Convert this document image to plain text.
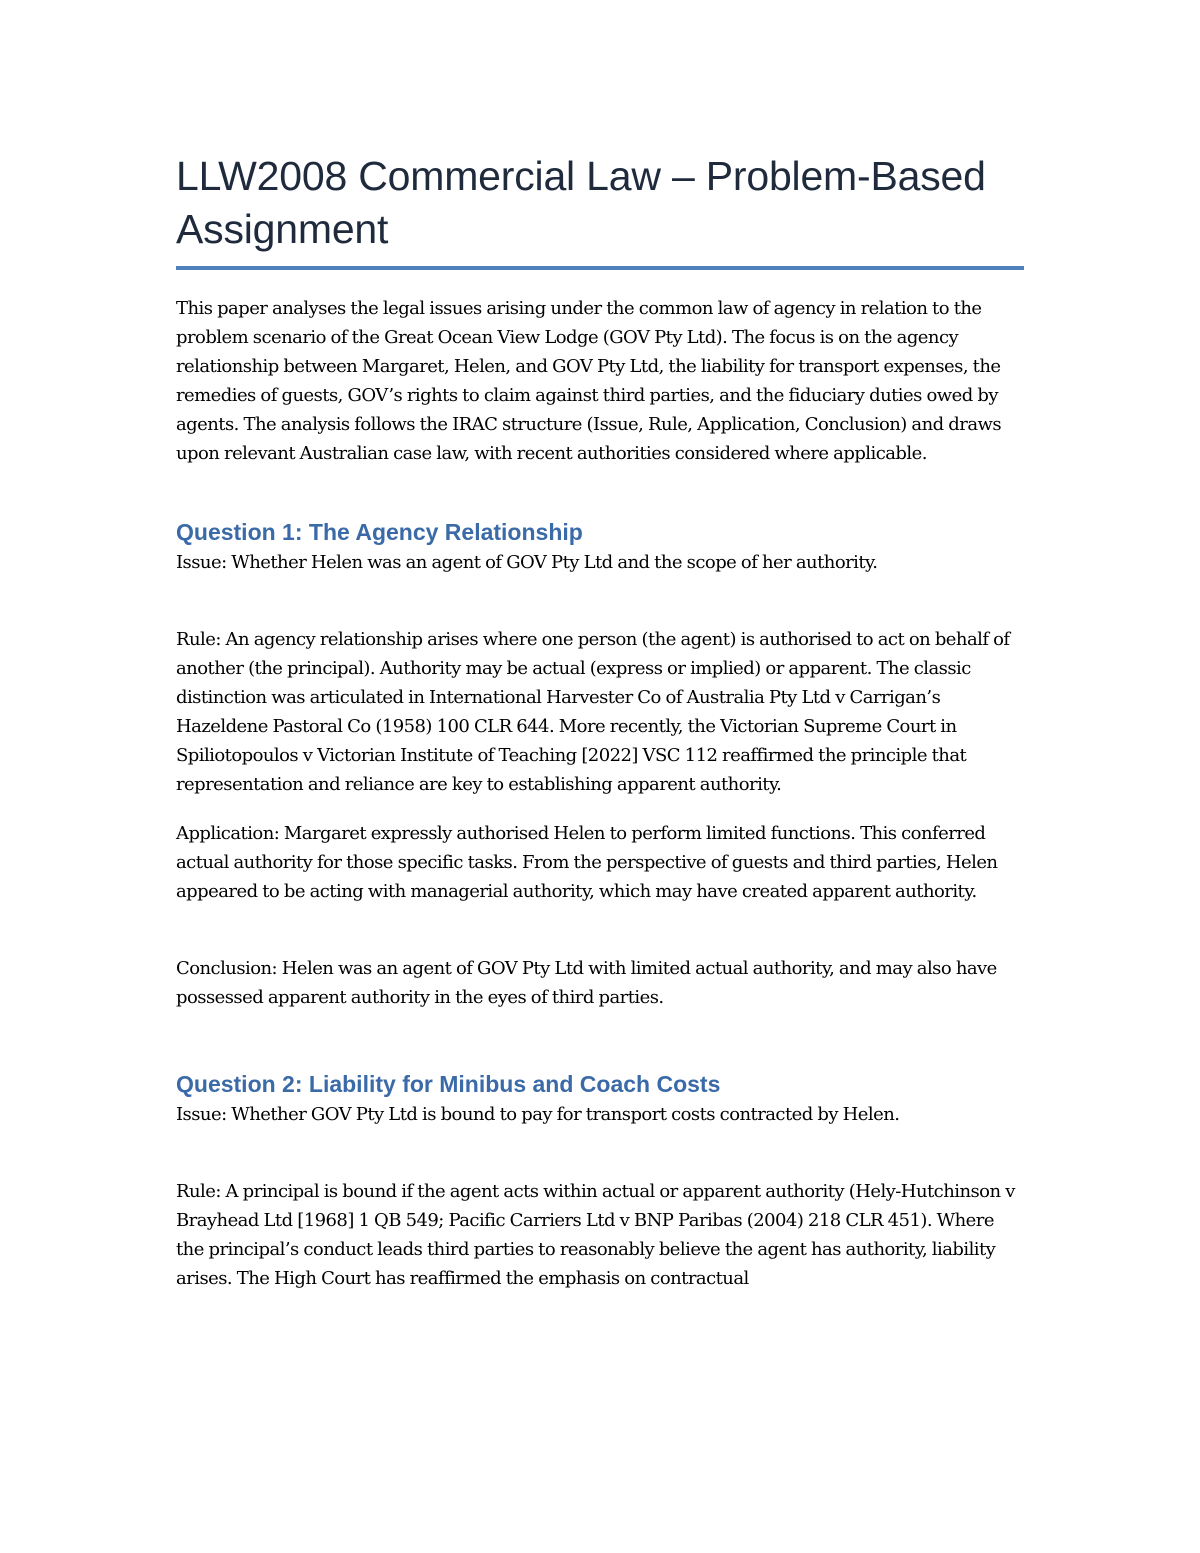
LLW2008 Commercial Law – Problem-Based Assignment

This paper analyses the legal issues arising under the common law of agency in relation to the problem scenario of the Great Ocean View Lodge (GOV Pty Ltd). The focus is on the agency relationship between Margaret, Helen, and GOV Pty Ltd, the liability for transport expenses, the remedies of guests, GOV’s rights to claim against third parties, and the fiduciary duties owed by agents. The analysis follows the IRAC structure (Issue, Rule, Application, Conclusion) and draws upon relevant Australian case law, with recent authorities considered where applicable.

Question 1: The Agency Relationship

Issue: Whether Helen was an agent of GOV Pty Ltd and the scope of her authority.

Rule: An agency relationship arises where one person (the agent) is authorised to act on behalf of another (the principal). Authority may be actual (express or implied) or apparent. The classic distinction was articulated in International Harvester Co of Australia Pty Ltd v Carrigan’s Hazeldene Pastoral Co (1958) 100 CLR 644. More recently, the Victorian Supreme Court in Spiliotopoulos v Victorian Institute of Teaching [2022] VSC 112 reaffirmed the principle that representation and reliance are key to establishing apparent authority.

Application: Margaret expressly authorised Helen to perform limited functions. This conferred actual authority for those specific tasks. From the perspective of guests and third parties, Helen appeared to be acting with managerial authority, which may have created apparent authority.

Conclusion: Helen was an agent of GOV Pty Ltd with limited actual authority, and may also have possessed apparent authority in the eyes of third parties.

Question 2: Liability for Minibus and Coach Costs

Issue: Whether GOV Pty Ltd is bound to pay for transport costs contracted by Helen.

Rule: A principal is bound if the agent acts within actual or apparent authority (Hely-Hutchinson v Brayhead Ltd [1968] 1 QB 549; Pacific Carriers Ltd v BNP Paribas (2004) 218 CLR 451). Where the principal’s conduct leads third parties to reasonably believe the agent has authority, liability arises. The High Court has reaffirmed the emphasis on contractual
